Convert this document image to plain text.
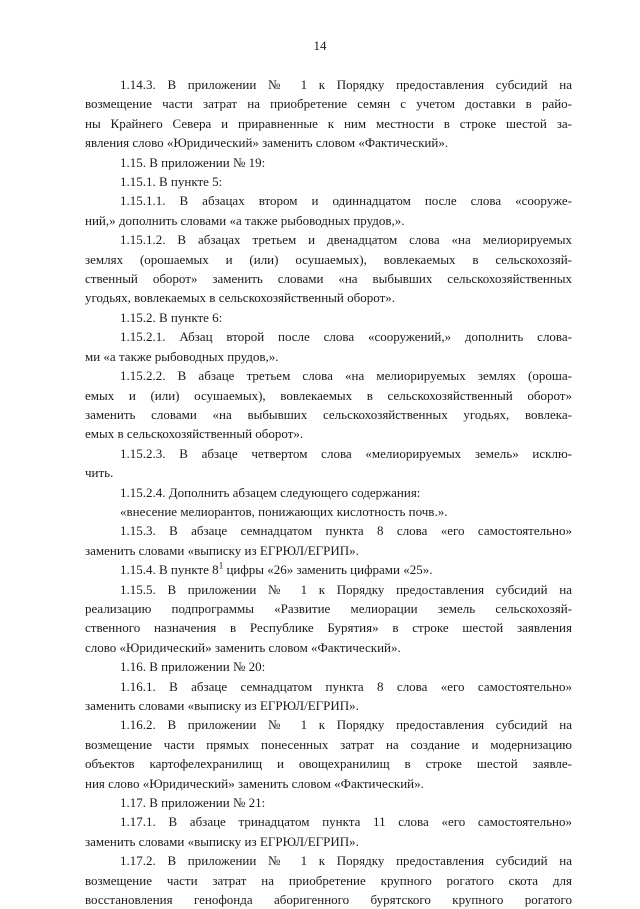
14
1.14.3. В приложении № 1 к Порядку предоставления субсидий на
возмещение части затрат на приобретение семян с учетом доставки в райо-
ны Крайнего Севера и приравненные к ним местности в строке шестой за-
явления слово «Юридический» заменить словом «Фактический».
1.15. В приложении № 19:
1.15.1. В пункте 5:
1.15.1.1. В абзацах втором и одиннадцатом после слова «сооруже-
ний,» дополнить словами «а также рыбоводных прудов,».
1.15.1.2. В абзацах третьем и двенадцатом слова «на мелиорируемых
землях (орошаемых и (или) осушаемых), вовлекаемых в сельскохозяй-
ственный оборот» заменить словами «на выбывших сельскохозяйственных
угодьях, вовлекаемых в сельскохозяйственный оборот».
1.15.2. В пункте 6:
1.15.2.1. Абзац второй после слова «сооружений,» дополнить слова-
ми «а также рыбоводных прудов,».
1.15.2.2. В абзаце третьем слова «на мелиорируемых землях (ороша-
емых и (или) осушаемых), вовлекаемых в сельскохозяйственный оборот»
заменить словами «на выбывших сельскохозяйственных угодьях, вовлека-
емых в сельскохозяйственный оборот».
1.15.2.3. В абзаце четвертом слова «мелиорируемых земель» исклю-
чить.
1.15.2.4. Дополнить абзацем следующего содержания:
«внесение мелиорантов, понижающих кислотность почв.».
1.15.3. В абзаце семнадцатом пункта 8 слова «его самостоятельно»
заменить словами «выписку из ЕГРЮЛ/ЕГРИП».
1.15.4. В пункте $8^1$ цифры «26» заменить цифрами «25».
1.15.5. В приложении № 1 к Порядку предоставления субсидий на
реализацию подпрограммы «Развитие мелиорации земель сельскохозяй-
ственного назначения в Республике Бурятия» в строке шестой заявления
слово «Юридический» заменить словом «Фактический».
1.16. В приложении № 20:
1.16.1. В абзаце семнадцатом пункта 8 слова «его самостоятельно»
заменить словами «выписку из ЕГРЮЛ/ЕГРИП».
1.16.2. В приложении № 1 к Порядку предоставления субсидий на
возмещение части прямых понесенных затрат на создание и модернизацию
объектов картофелехранилищ и овощехранилищ в строке шестой заявле-
ния слово «Юридический» заменить словом «Фактический».
1.17. В приложении № 21:
1.17.1. В абзаце тринадцатом пункта 11 слова «его самостоятельно»
заменить словами «выписку из ЕГРЮЛ/ЕГРИП».
1.17.2. В приложении № 1 к Порядку предоставления субсидий на
возмещение части затрат на приобретение крупного рогатого скота для
восстановления генофонда аборигенного бурятского крупного рогатого
